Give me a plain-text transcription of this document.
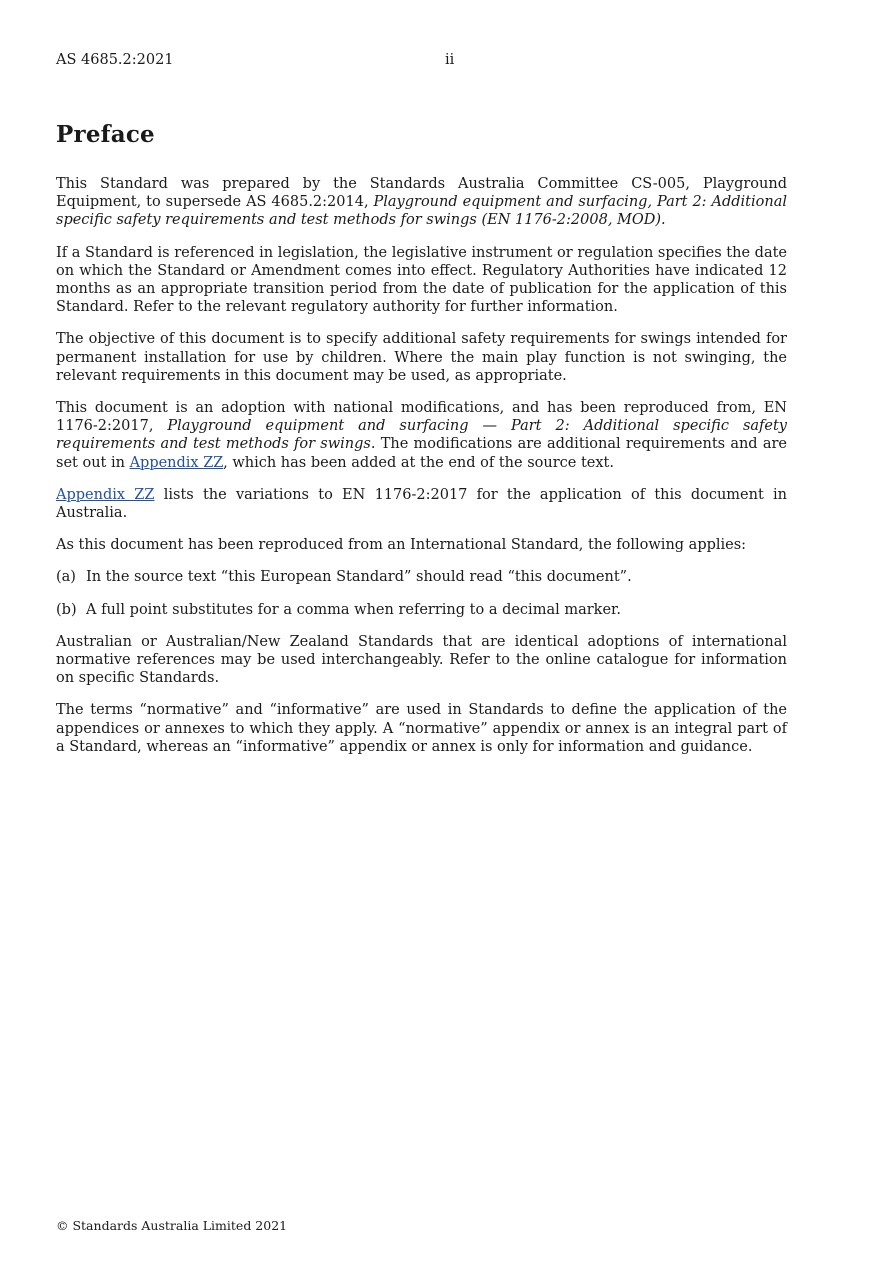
AS 4685.2:2021	ii
Preface

This Standard was prepared by the Standards Australia Committee CS-005, Playground Equipment, to supersede AS 4685.2:2014, Playground equipment and surfacing, Part 2: Additional specific safety requirements and test methods for swings (EN 1176-2:2008, MOD).

If a Standard is referenced in legislation, the legislative instrument or regulation specifies the date on which the Standard or Amendment comes into effect. Regulatory Authorities have indicated 12 months as an appropriate transition period from the date of publication for the application of this Standard. Refer to the relevant regulatory authority for further information.

The objective of this document is to specify additional safety requirements for swings intended for permanent installation for use by children. Where the main play function is not swinging, the relevant requirements in this document may be used, as appropriate.

This document is an adoption with national modifications, and has been reproduced from, EN 1176-2:2017, Playground equipment and surfacing — Part 2: Additional specific safety requirements and test methods for swings. The modifications are additional requirements and are set out in Appendix ZZ, which has been added at the end of the source text.

Appendix ZZ lists the variations to EN 1176-2:2017 for the application of this document in Australia.

As this document has been reproduced from an International Standard, the following applies:

(a) In the source text “this European Standard” should read “this document”.
(b) A full point substitutes for a comma when referring to a decimal marker.

Australian or Australian/New Zealand Standards that are identical adoptions of international normative references may be used interchangeably. Refer to the online catalogue for information on specific Standards.

The terms “normative” and “informative” are used in Standards to define the application of the appendices or annexes to which they apply. A “normative” appendix or annex is an integral part of a Standard, whereas an “informative” appendix or annex is only for information and guidance.

© Standards Australia Limited 2021
